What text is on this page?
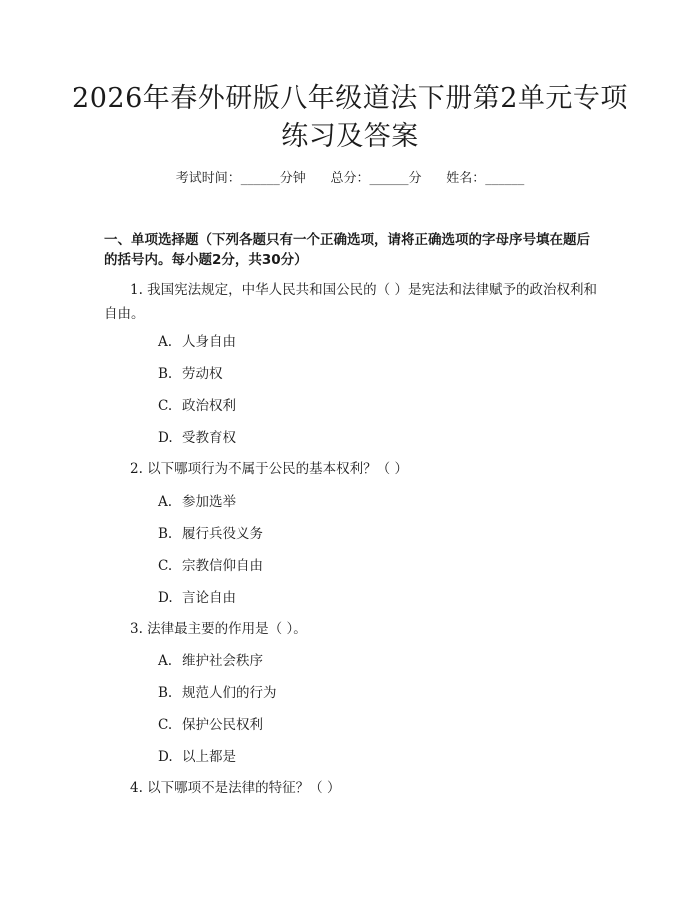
2026年春外研版八年级道法下册第2单元专项练习及答案
考试时间：______分钟      总分：______分      姓名：______
一、单项选择题（下列各题只有一个正确选项，请将正确选项的字母序号填在题后的括号内。每小题2分，共30分）
1. 我国宪法规定，中华人民共和国公民的（ ）是宪法和法律赋予的政治权利和自由。
A. 人身自由
B. 劳动权
C. 政治权利
D. 受教育权
2. 以下哪项行为不属于公民的基本权利？（ ）
A. 参加选举
B. 履行兵役义务
C. 宗教信仰自由
D. 言论自由
3. 法律最主要的作用是（ ）。
A. 维护社会秩序
B. 规范人们的行为
C. 保护公民权利
D. 以上都是
4. 以下哪项不是法律的特征？（ ）
